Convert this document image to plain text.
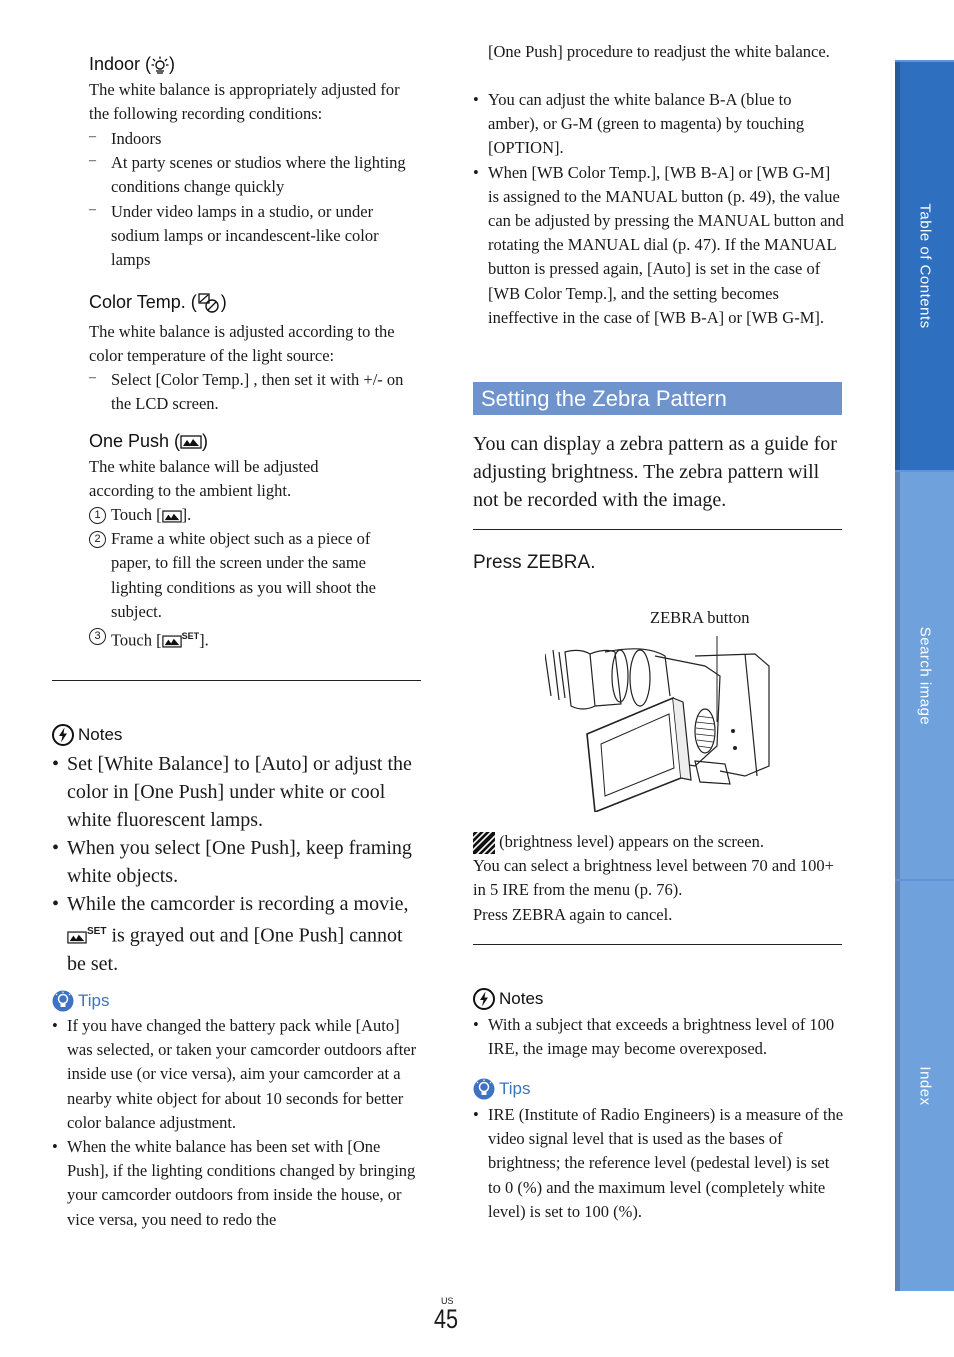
Indoor ( )
The white balance is appropriately adjusted for the following recording conditions:
– Indoors
– At party scenes or studios where the lighting conditions change quickly
– Under video lamps in a studio, or under sodium lamps or incandescent-like color lamps
Color Temp. ( )
The white balance is adjusted according to the color temperature of the light source:
– Select [Color Temp.] , then set it with +/- on the LCD screen.
One Push ( )
The white balance will be adjusted according to the ambient light.
1 Touch [ ].
2 Frame a white object such as a piece of paper, to fill the screen under the same lighting conditions as you will shoot the subject.
3 Touch [ $^{SET}$].
Notes
• Set [White Balance] to [Auto] or adjust the color in [One Push] under white or cool white fluorescent lamps.
• When you select [One Push], keep framing white objects.
• While the camcorder is recording a movie, $^{SET}$ is grayed out and [One Push] cannot be set.
Tips
• If you have changed the battery pack while [Auto] was selected, or taken your camcorder outdoors after inside use (or vice versa), aim your camcorder at a nearby white object for about 10 seconds for better color balance adjustment.
• When the white balance has been set with [One Push], if the lighting conditions changed by bringing your camcorder outdoors from inside the house, or vice versa, you need to redo the
[One Push] procedure to readjust the white balance.
• You can adjust the white balance B-A (blue to amber), or G-M (green to magenta) by touching [OPTION].
• When [WB Color Temp.], [WB B-A] or [WB G-M] is assigned to the MANUAL button (p. 49), the value can be adjusted by pressing the MANUAL button and rotating the MANUAL dial (p. 47). If the MANUAL button is pressed again, [Auto] is set in the case of [WB Color Temp.], and the setting becomes ineffective in the case of [WB B-A] or [WB G-M].
Setting the Zebra Pattern
You can display a zebra pattern as a guide for adjusting brightness. The zebra pattern will not be recorded with the image.
Press ZEBRA.
ZEBRA button
(brightness level) appears on the screen.
You can select a brightness level between 70 and 100+ in 5 IRE from the menu (p. 76).
Press ZEBRA again to cancel.
Notes
• With a subject that exceeds a brightness level of 100 IRE, the image may become overexposed.
Tips
• IRE (Institute of Radio Engineers) is a measure of the video signal level that is used as the bases of brightness; the reference level (pedestal level) is set to 0 (%) and the maximum level (completely white level) is set to 100 (%).
Table of Contents
Search image
Index
US
45
